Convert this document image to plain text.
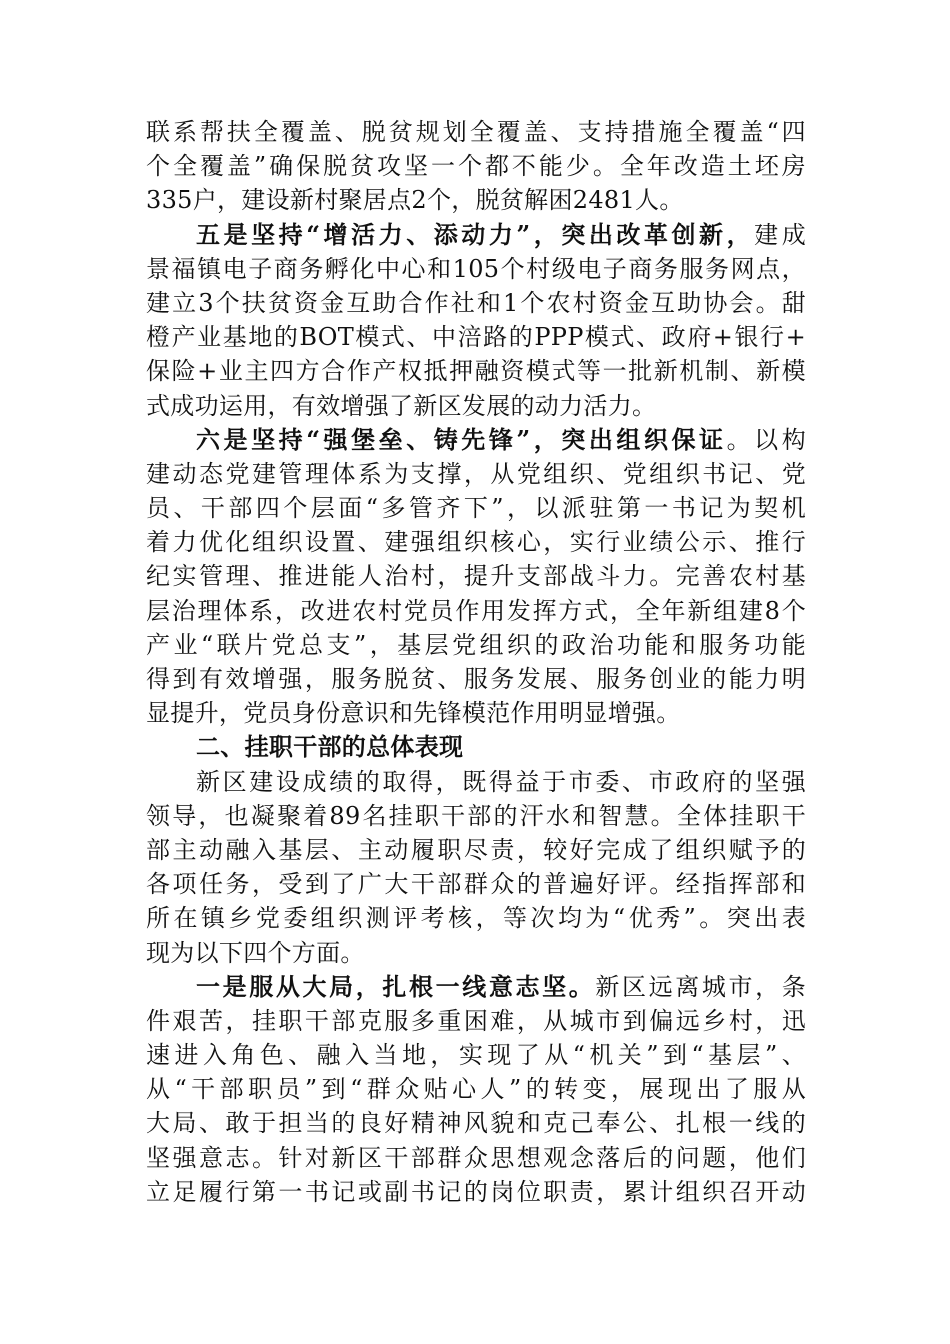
联系帮扶全覆盖、脱贫规划全覆盖、支持措施全覆盖“四
个全覆盖”确保脱贫攻坚一个都不能少。全年改造土坯房
335户，建设新村聚居点2个，脱贫解困2481人。
五是坚持“增活力、添动力”，突出改革创新，建成
景福镇电子商务孵化中心和105个村级电子商务服务网点，
建立3个扶贫资金互助合作社和1个农村资金互助协会。甜
橙产业基地的BOT模式、中涪路的PPP模式、政府+银行+
保险+业主四方合作产权抵押融资模式等一批新机制、新模
式成功运用，有效增强了新区发展的动力活力。
六是坚持“强堡垒、铸先锋”，突出组织保证。以构
建动态党建管理体系为支撑，从党组织、党组织书记、党
员、干部四个层面“多管齐下”，以派驻第一书记为契机
着力优化组织设置、建强组织核心，实行业绩公示、推行
纪实管理、推进能人治村，提升支部战斗力。完善农村基
层治理体系，改进农村党员作用发挥方式，全年新组建8个
产业“联片党总支”，基层党组织的政治功能和服务功能
得到有效增强，服务脱贫、服务发展、服务创业的能力明
显提升，党员身份意识和先锋模范作用明显增强。
二、挂职干部的总体表现
新区建设成绩的取得，既得益于市委、市政府的坚强
领导，也凝聚着89名挂职干部的汗水和智慧。全体挂职干
部主动融入基层、主动履职尽责，较好完成了组织赋予的
各项任务，受到了广大干部群众的普遍好评。经指挥部和
所在镇乡党委组织测评考核，等次均为“优秀”。突出表
现为以下四个方面。
一是服从大局，扎根一线意志坚。新区远离城市，条
件艰苦，挂职干部克服多重困难，从城市到偏远乡村，迅
速进入角色、融入当地，实现了从“机关”到“基层”、
从“干部职员”到“群众贴心人”的转变，展现出了服从
大局、敢于担当的良好精神风貌和克己奉公、扎根一线的
坚强意志。针对新区干部群众思想观念落后的问题，他们
立足履行第一书记或副书记的岗位职责，累计组织召开动
